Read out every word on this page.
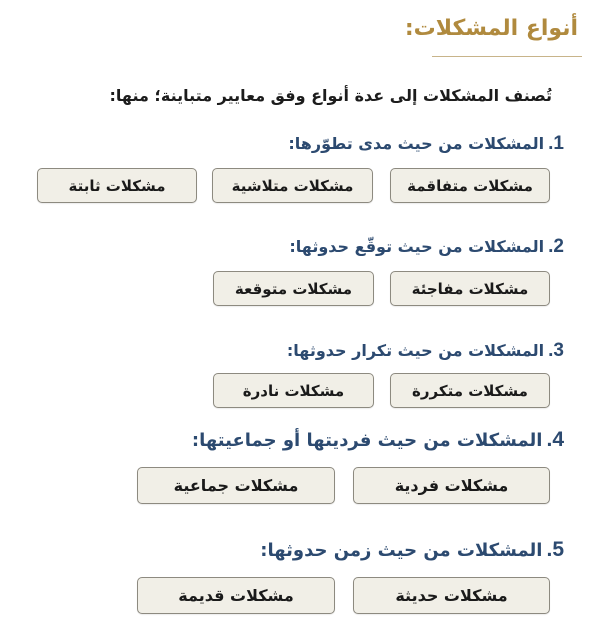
أنواع المشكلات:
تُصنف المشكلات إلى عدة أنواع وفق معايير متباينة؛ منها:
1.المشكلات من حيث مدى تطوّرها:
مشكلات متفاقمة
مشكلات متلاشية
مشكلات ثابتة
2.المشكلات من حيث توقّع حدوثها:
مشكلات مفاجئة
مشكلات متوقعة
3.المشكلات من حيث تكرار حدوثها:
مشكلات متكررة
مشكلات نادرة
4.المشكلات من حيث فرديتها أو جماعيتها:
مشكلات فردية
مشكلات جماعية
5.المشكلات من حيث زمن حدوثها:
مشكلات حديثة
مشكلات قديمة
